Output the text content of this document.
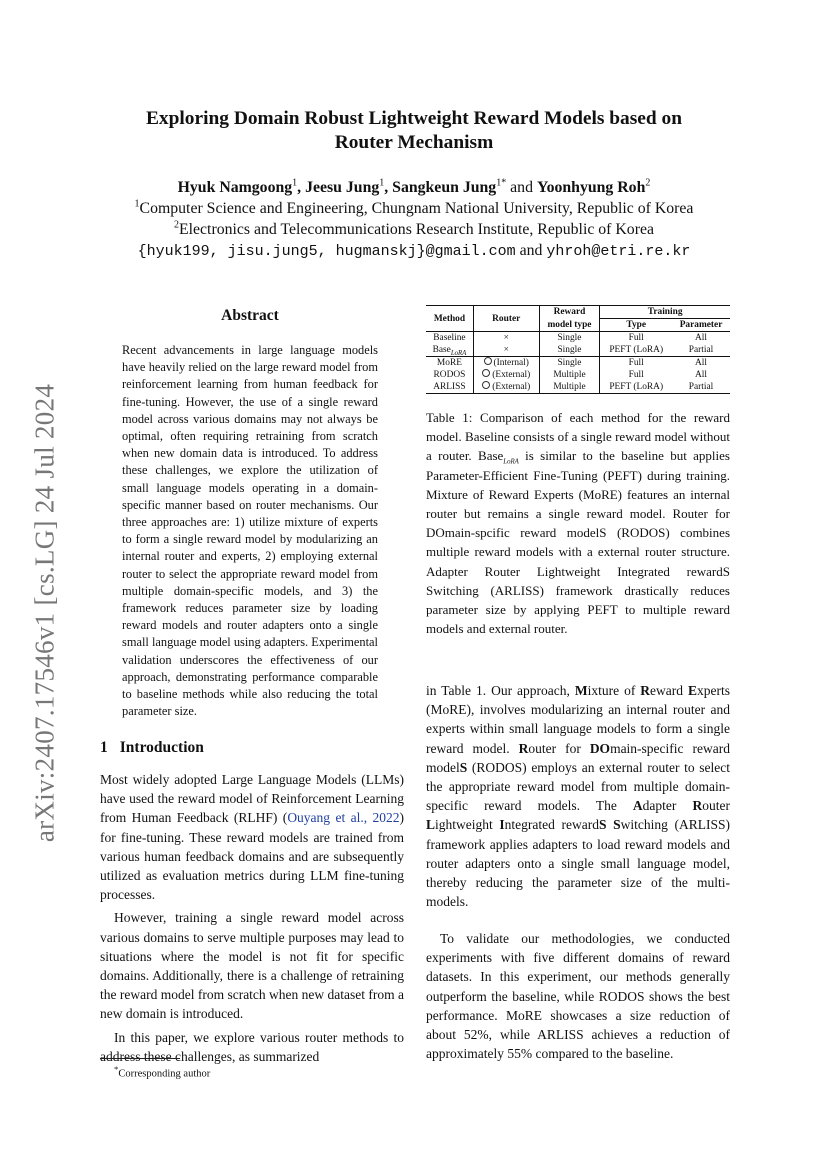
arXiv:2407.17546v1 [cs.LG] 24 Jul 2024
Exploring Domain Robust Lightweight Reward Models based on Router Mechanism
Hyuk Namgoong$^1$, Jeesu Jung$^1$, Sangkeun Jung$^{1*}$ and Yoonhyung Roh$^2$
$^1$Computer Science and Engineering, Chungnam National University, Republic of Korea
$^2$Electronics and Telecommunications Research Institute, Republic of Korea
{hyuk199, jisu.jung5, hugmanskj}@gmail.com and yhroh@etri.re.kr
Abstract
Recent advancements in large language models have heavily relied on the large reward model from reinforcement learning from human feedback for fine-tuning. However, the use of a single reward model across various domains may not always be optimal, often requiring retraining from scratch when new domain data is introduced. To address these challenges, we explore the utilization of small language models operating in a domain-specific manner based on router mechanisms. Our three approaches are: 1) utilize mixture of experts to form a single reward model by modularizing an internal router and experts, 2) employing external router to select the appropriate reward model from multiple domain-specific models, and 3) the framework reduces parameter size by loading reward models and router adapters onto a single small language model using adapters. Experimental validation underscores the effectiveness of our approach, demonstrating performance comparable to baseline methods while also reducing the total parameter size.
1 Introduction

Most widely adopted Large Language Models (LLMs) have used the reward model of Reinforcement Learning from Human Feedback (RLHF) (Ouyang et al., 2022) for fine-tuning. These reward models are trained from various human feedback domains and are subsequently utilized as evaluation metrics during LLM fine-tuning processes.

However, training a single reward model across various domains to serve multiple purposes may lead to situations where the model is not fit for specific domains. Additionally, there is a challenge of retraining the reward model from scratch when new dataset from a new domain is introduced.

In this paper, we explore various router methods to address these challenges, as summarized

*Corresponding author
Method	Router	Reward	Training	
		model type	Type	Parameter
Baseline	×	Single	Full	All
Base$_{LoRA}$	×	Single	PEFT (LoRA)	Partial
MoRE	(Internal)	Single	Full	All
RODOS	(External)	Multiple	Full	All
ARLISS	(External)	Multiple	PEFT (LoRA)	Partial
Table 1: Comparison of each method for the reward model. Baseline consists of a single reward model without a router. Base$_{LoRA}$ is similar to the baseline but applies Parameter-Efficient Fine-Tuning (PEFT) during training. Mixture of Reward Experts (MoRE) features an internal router but remains a single reward model. Router for DOmain-spcific reward modelS (RODOS) combines multiple reward models with a external router structure. Adapter Router Lightweight Integrated rewardS Switching (ARLISS) framework drastically reduces parameter size by applying PEFT to multiple reward models and external router.

in Table 1. Our approach, Mixture of Reward Experts (MoRE), involves modularizing an internal router and experts within small language models to form a single reward model. Router for DOmain-specific reward modelS (RODOS) employs an external router to select the appropriate reward model from multiple domain-specific reward models. The Adapter Router Lightweight Integrated rewardS Switching (ARLISS) framework applies adapters to load reward models and router adapters onto a single small language model, thereby reducing the parameter size of the multi-models.

To validate our methodologies, we conducted experiments with five different domains of reward datasets. In this experiment, our methods generally outperform the baseline, while RODOS shows the best performance. MoRE showcases a size reduction of about 52%, while ARLISS achieves a reduction of approximately 55% compared to the baseline.
